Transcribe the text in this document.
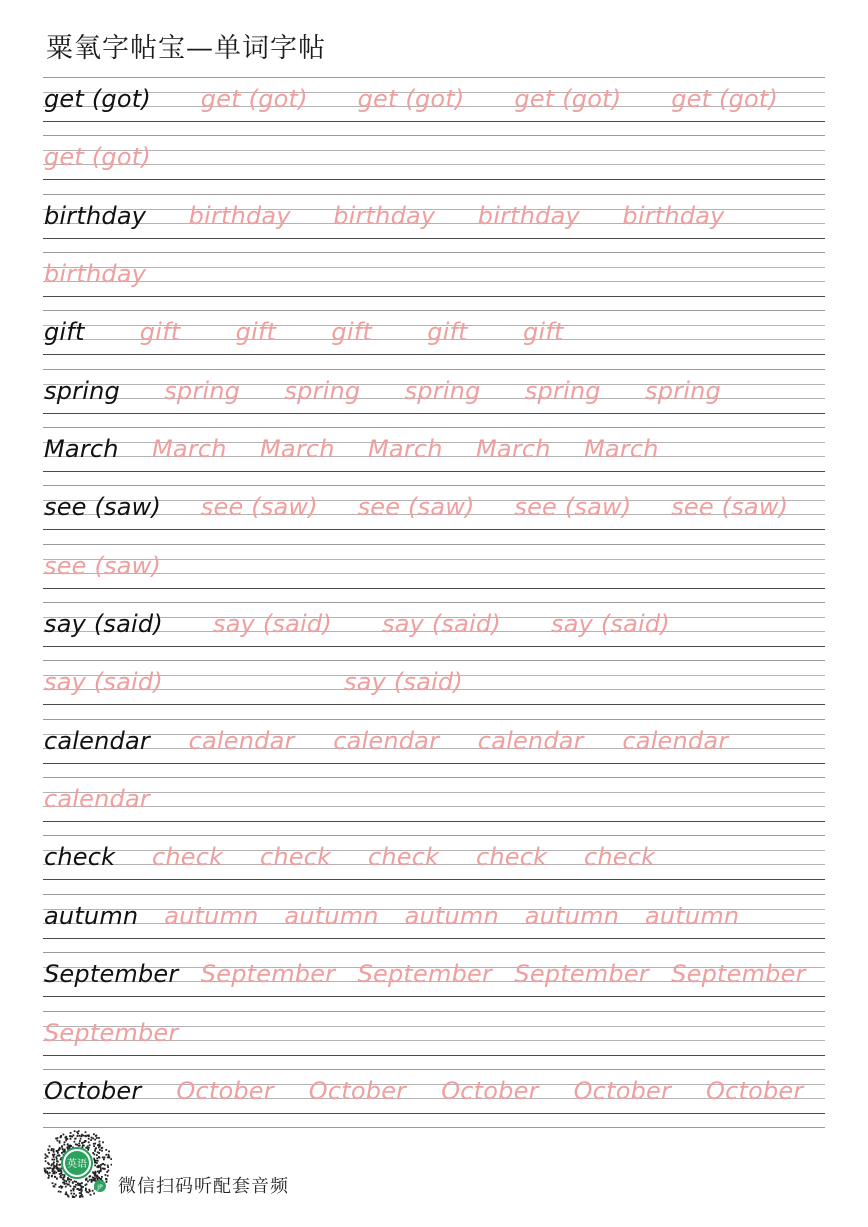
粟氧字帖宝—单词字帖
get (got) get (got) get (got) get (got) get (got)
get (got)
birthday birthday birthday birthday birthday
birthday
gift gift gift gift gift gift
spring spring spring spring spring spring
March March March March March March
see (saw) see (saw) see (saw) see (saw) see (saw)
see (saw)
say (said) say (said) say (said) say (said)
say (said)	say (said)
calendar calendar calendar calendar calendar
calendar
check check check check check check
autumn autumn autumn autumn autumn autumn
September September September September September
September
October October October October October October
英语
JP 微信扫码听配套音频
